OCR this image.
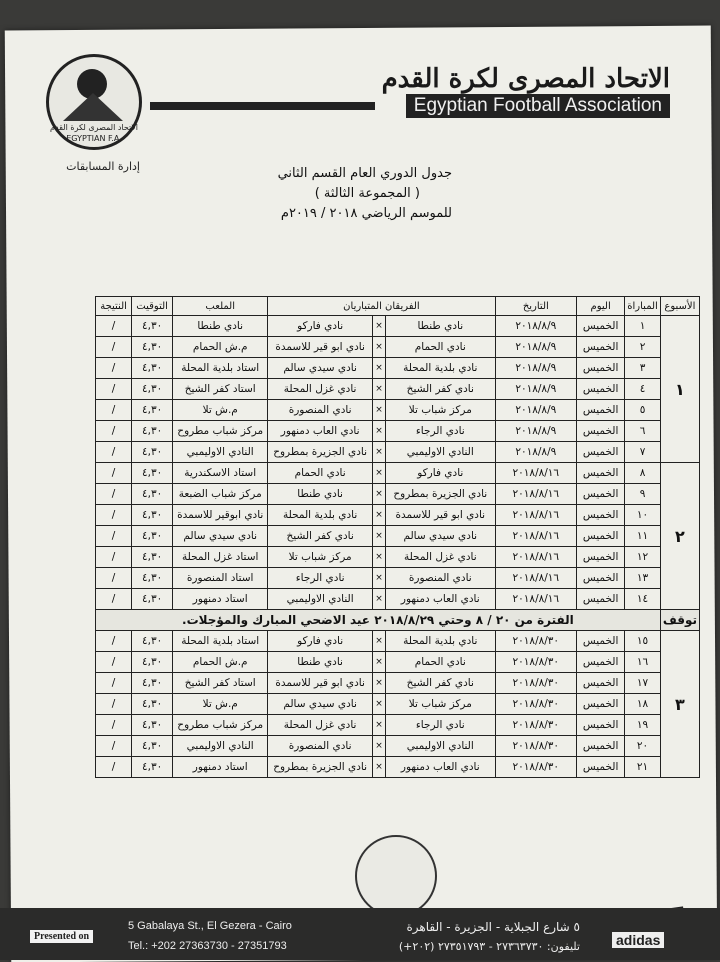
الاتحاد المصرى لكرة القدم
EGYPTIAN F.A.
الاتحاد المصرى لكرة القدم
Egyptian Football Association
إدارة المسابقات	جدول الدوري العام القسم الثاني
( المجموعة الثالثة )
للموسم الرياضي ٢٠١٨ / ٢٠١٩م
الأسبوع	المباراة	اليوم	التاريخ	الفريقان المتباريان			الملعب	التوقيت	النتيجة
١	١	الخميس	٢٠١٨/٨/٩	نادي طنطا	×	نادي فاركو	نادي طنطا	٤,٣٠	/
	٢	الخميس	٢٠١٨/٨/٩	نادي الحمام	×	نادي ابو قير للاسمدة	م.ش الحمام	٤,٣٠	/
	٣	الخميس	٢٠١٨/٨/٩	نادي بلدية المحلة	×	نادي سيدي سالم	استاد بلدية المحلة	٤,٣٠	/
	٤	الخميس	٢٠١٨/٨/٩	نادي كفر الشيخ	×	نادي غزل المحلة	استاد كفر الشيخ	٤,٣٠	/
	٥	الخميس	٢٠١٨/٨/٩	مركز شباب تلا	×	نادي المنصورة	م.ش تلا	٤,٣٠	/
	٦	الخميس	٢٠١٨/٨/٩	نادي الرجاء	×	نادي العاب دمنهور	مركز شباب مطروح	٤,٣٠	/
	٧	الخميس	٢٠١٨/٨/٩	النادي الاوليمبي	×	نادي الجزيرة بمطروح	النادي الاوليمبي	٤,٣٠	/
٢	٨	الخميس	٢٠١٨/٨/١٦	نادي فاركو	×	نادي الحمام	استاد الاسكندرية	٤,٣٠	/
	٩	الخميس	٢٠١٨/٨/١٦	نادي الجزيرة بمطروح	×	نادي طنطا	مركز شباب الضبعة	٤,٣٠	/
	١٠	الخميس	٢٠١٨/٨/١٦	نادي ابو قير للاسمدة	×	نادي بلدية المحلة	نادي ابوقير للاسمدة	٤,٣٠	/
	١١	الخميس	٢٠١٨/٨/١٦	نادي سيدي سالم	×	نادي كفر الشيخ	نادي سيدي سالم	٤,٣٠	/
	١٢	الخميس	٢٠١٨/٨/١٦	نادي غزل المحلة	×	مركز شباب تلا	استاد غزل المحلة	٤,٣٠	/
	١٣	الخميس	٢٠١٨/٨/١٦	نادي المنصورة	×	نادي الرجاء	استاد المنصورة	٤,٣٠	/
	١٤	الخميس	٢٠١٨/٨/١٦	نادي العاب دمنهور	×	النادي الاوليمبي	استاد دمنهور	٤,٣٠	/
توقف	الفترة من ٢٠ / ٨ وحتي ٢٠١٨/٨/٢٩ عيد الاضحي المبارك والمؤجلات.								
٣	١٥	الخميس	٢٠١٨/٨/٣٠	نادي بلدية المحلة	×	نادي فاركو	استاد بلدية المحلة	٤,٣٠	/
	١٦	الخميس	٢٠١٨/٨/٣٠	نادي الحمام	×	نادي طنطا	م.ش الحمام	٤,٣٠	/
	١٧	الخميس	٢٠١٨/٨/٣٠	نادي كفر الشيخ	×	نادي ابو قير للاسمدة	استاد كفر الشيخ	٤,٣٠	/
	١٨	الخميس	٢٠١٨/٨/٣٠	مركز شباب تلا	×	نادي سيدي سالم	م.ش تلا	٤,٣٠	/
	١٩	الخميس	٢٠١٨/٨/٣٠	نادي الرجاء	×	نادي غزل المحلة	مركز شباب مطروح	٤,٣٠	/
	٢٠	الخميس	٢٠١٨/٨/٣٠	النادي الاوليمبي	×	نادي المنصورة	النادي الاوليمبي	٤,٣٠	/
	٢١	الخميس	٢٠١٨/٨/٣٠	نادي العاب دمنهور	×	نادي الجزيرة بمطروح	استاد دمنهور	٤,٣٠	/
Presented on
5 Gabalaya St., El Gezera - Cairo
Tel.: +202 27363730 - 27351793
٥ شارع الجبلاية - الجزيرة - القاهرة
تليفون: ٢٧٣٦٣٧٣٠ - ٢٧٣٥١٧٩٣ (٢٠٢+)	adidas
